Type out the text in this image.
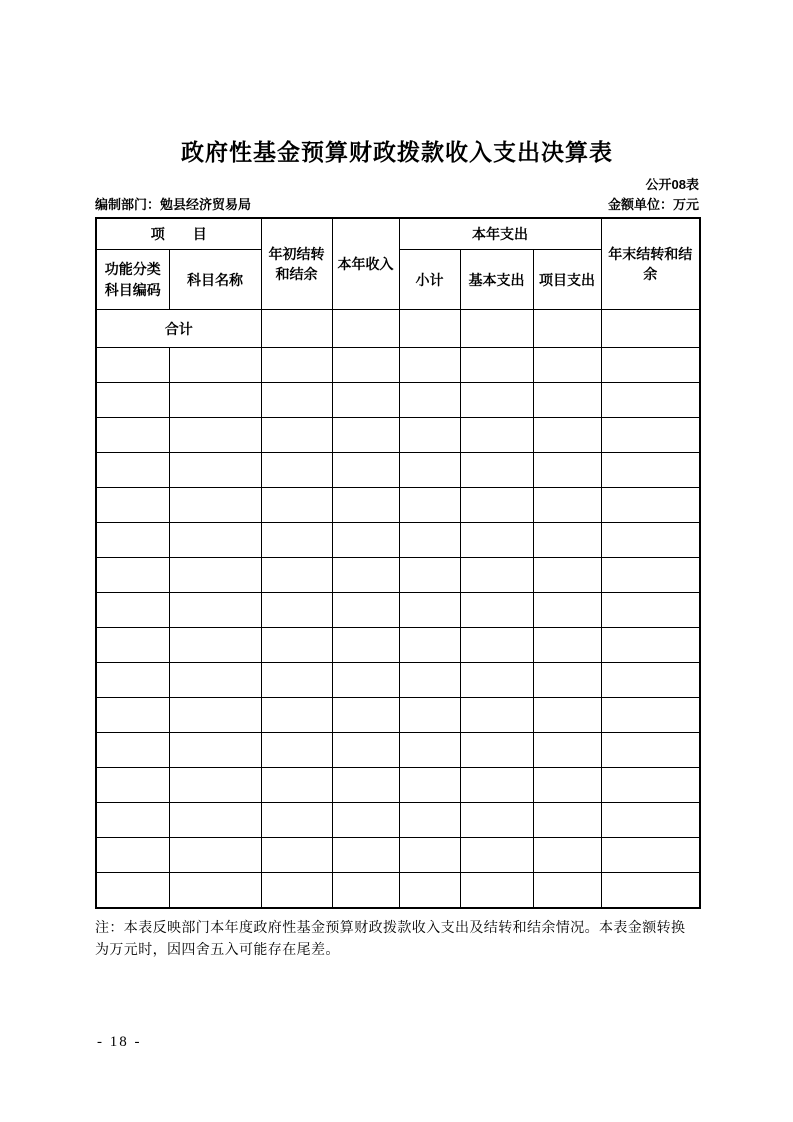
政府性基金预算财政拨款收入支出决算表
公开08表
编制部门：勉县经济贸易局	金额单位：万元
项　　目		年初结转和结余	本年收入	本年支出			年末结转和结余
功能分类科目编码	科目名称			小计	基本支出	项目支出	
合计							

注：本表反映部门本年度政府性基金预算财政拨款收入支出及结转和结余情况。本表金额转换为万元时，因四舍五入可能存在尾差。

- 18 -
